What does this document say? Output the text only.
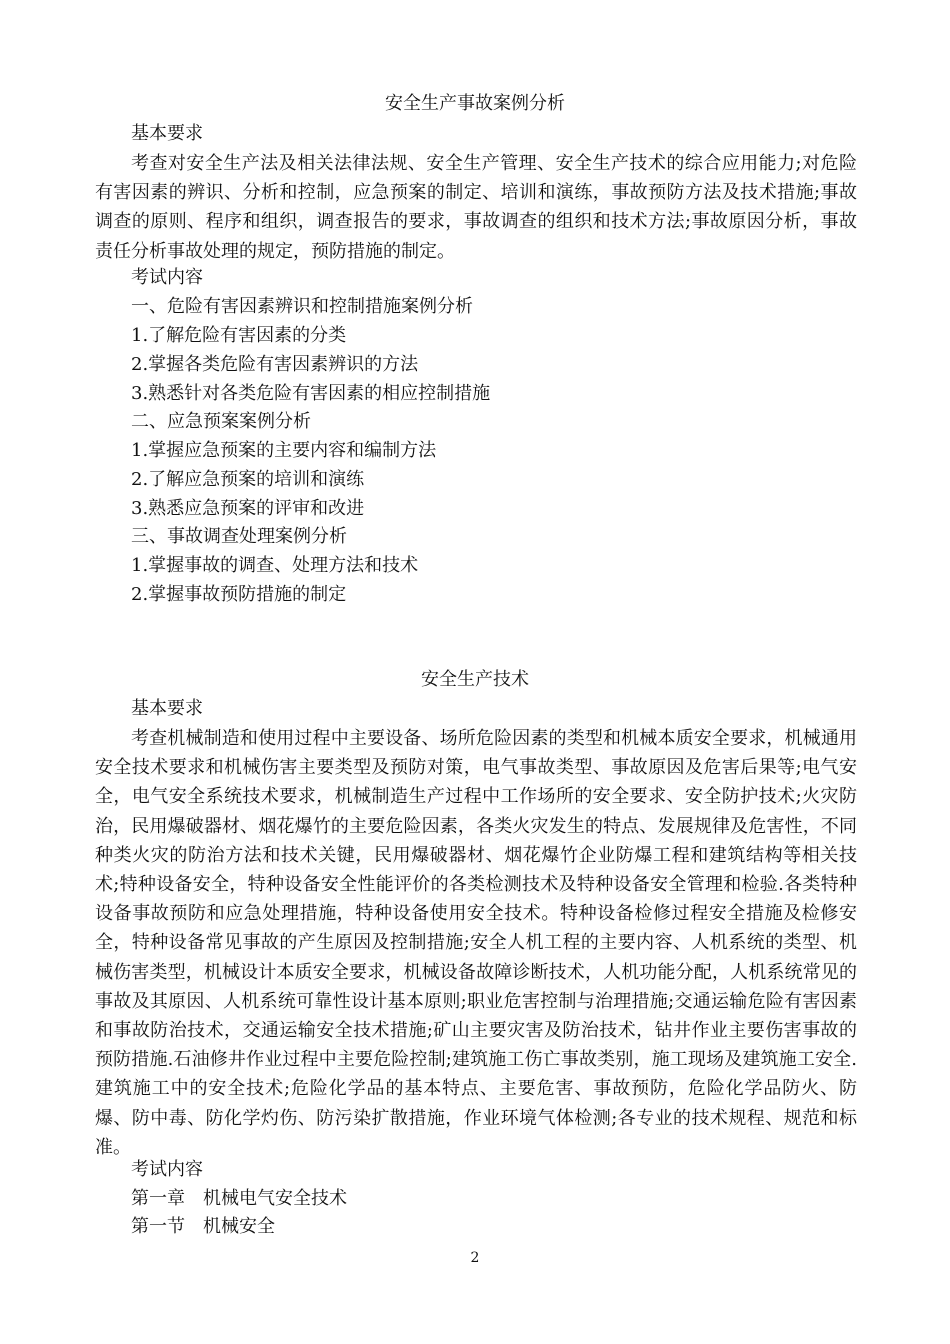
安全生产事故案例分析
基本要求
考查对安全生产法及相关法律法规、安全生产管理、安全生产技术的综合应用能力;对危险有害因素的辨识、分析和控制，应急预案的制定、培训和演练，事故预防方法及技术措施;事故调查的原则、程序和组织，调查报告的要求，事故调查的组织和技术方法;事故原因分析，事故责任分析事故处理的规定，预防措施的制定。
考试内容
一、危险有害因素辨识和控制措施案例分析
1.了解危险有害因素的分类
2.掌握各类危险有害因素辨识的方法
3.熟悉针对各类危险有害因素的相应控制措施
二、应急预案案例分析
1.掌握应急预案的主要内容和编制方法
2.了解应急预案的培训和演练
3.熟悉应急预案的评审和改进
三、事故调查处理案例分析
1.掌握事故的调查、处理方法和技术
2.掌握事故预防措施的制定
安全生产技术
基本要求
考查机械制造和使用过程中主要设备、场所危险因素的类型和机械本质安全要求，机械通用安全技术要求和机械伤害主要类型及预防对策，电气事故类型、事故原因及危害后果等;电气安全，电气安全系统技术要求，机械制造生产过程中工作场所的安全要求、安全防护技术;火灾防治，民用爆破器材、烟花爆竹的主要危险因素，各类火灾发生的特点、发展规律及危害性，不同种类火灾的防治方法和技术关键，民用爆破器材、烟花爆竹企业防爆工程和建筑结构等相关技术;特种设备安全，特种设备安全性能评价的各类检测技术及特种设备安全管理和检验.各类特种设备事故预防和应急处理措施，特种设备使用安全技术。特种设备检修过程安全措施及检修安全，特种设备常见事故的产生原因及控制措施;安全人机工程的主要内容、人机系统的类型、机械伤害类型，机械设计本质安全要求，机械设备故障诊断技术，人机功能分配，人机系统常见的事故及其原因、人机系统可靠性设计基本原则;职业危害控制与治理措施;交通运输危险有害因素和事故防治技术，交通运输安全技术措施;矿山主要灾害及防治技术，钻井作业主要伤害事故的预防措施.石油修井作业过程中主要危险控制;建筑施工伤亡事故类别，施工现场及建筑施工安全.建筑施工中的安全技术;危险化学品的基本特点、主要危害、事故预防，危险化学品防火、防爆、防中毒、防化学灼伤、防污染扩散措施，作业环境气体检测;各专业的技术规程、规范和标准。
考试内容
第一章　机械电气安全技术
第一节　机械安全
2
